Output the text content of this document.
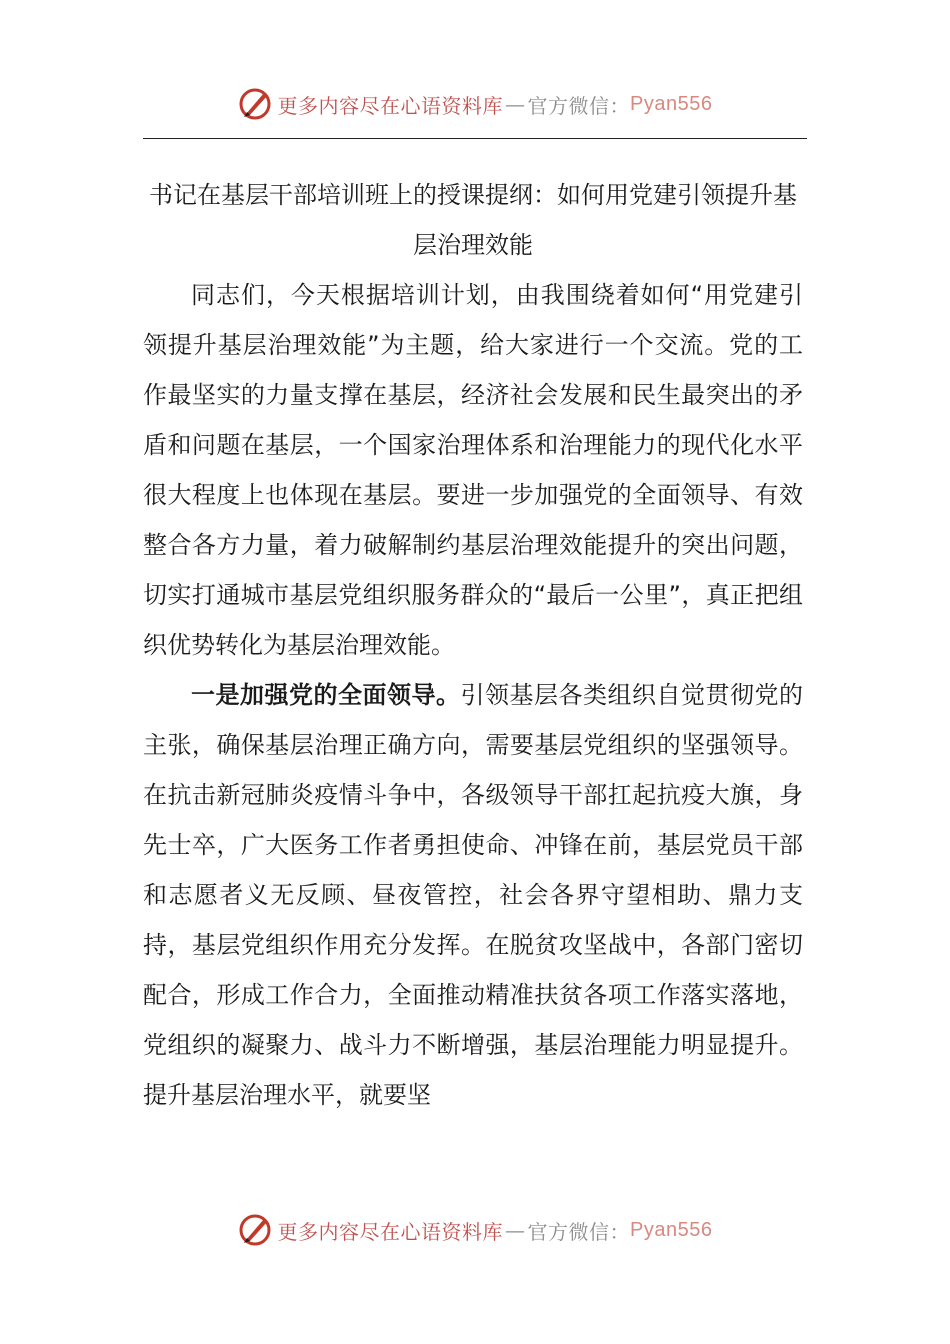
更多内容尽在心语资料库 — 官方微信： Pyan556
书记在基层干部培训班上的授课提纲：如何用党建引领提升基层治理效能

同志们，今天根据培训计划，由我围绕着如何“用党建引领提升基层治理效能”为主题，给大家进行一个交流。党的工作最坚实的力量支撑在基层，经济社会发展和民生最突出的矛盾和问题在基层，一个国家治理体系和治理能力的现代化水平很大程度上也体现在基层。要进一步加强党的全面领导、有效整合各方力量，着力破解制约基层治理效能提升的突出问题，切实打通城市基层党组织服务群众的“最后一公里”，真正把组织优势转化为基层治理效能。

一是加强党的全面领导。引领基层各类组织自觉贯彻党的主张，确保基层治理正确方向，需要基层党组织的坚强领导。在抗击新冠肺炎疫情斗争中，各级领导干部扛起抗疫大旗，身先士卒，广大医务工作者勇担使命、冲锋在前，基层党员干部和志愿者义无反顾、昼夜管控，社会各界守望相助、鼎力支持，基层党组织作用充分发挥。在脱贫攻坚战中，各部门密切配合，形成工作合力，全面推动精准扶贫各项工作落实落地，党组织的凝聚力、战斗力不断增强，基层治理能力明显提升。提升基层治理水平，就要坚

更多内容尽在心语资料库 — 官方微信： Pyan556
